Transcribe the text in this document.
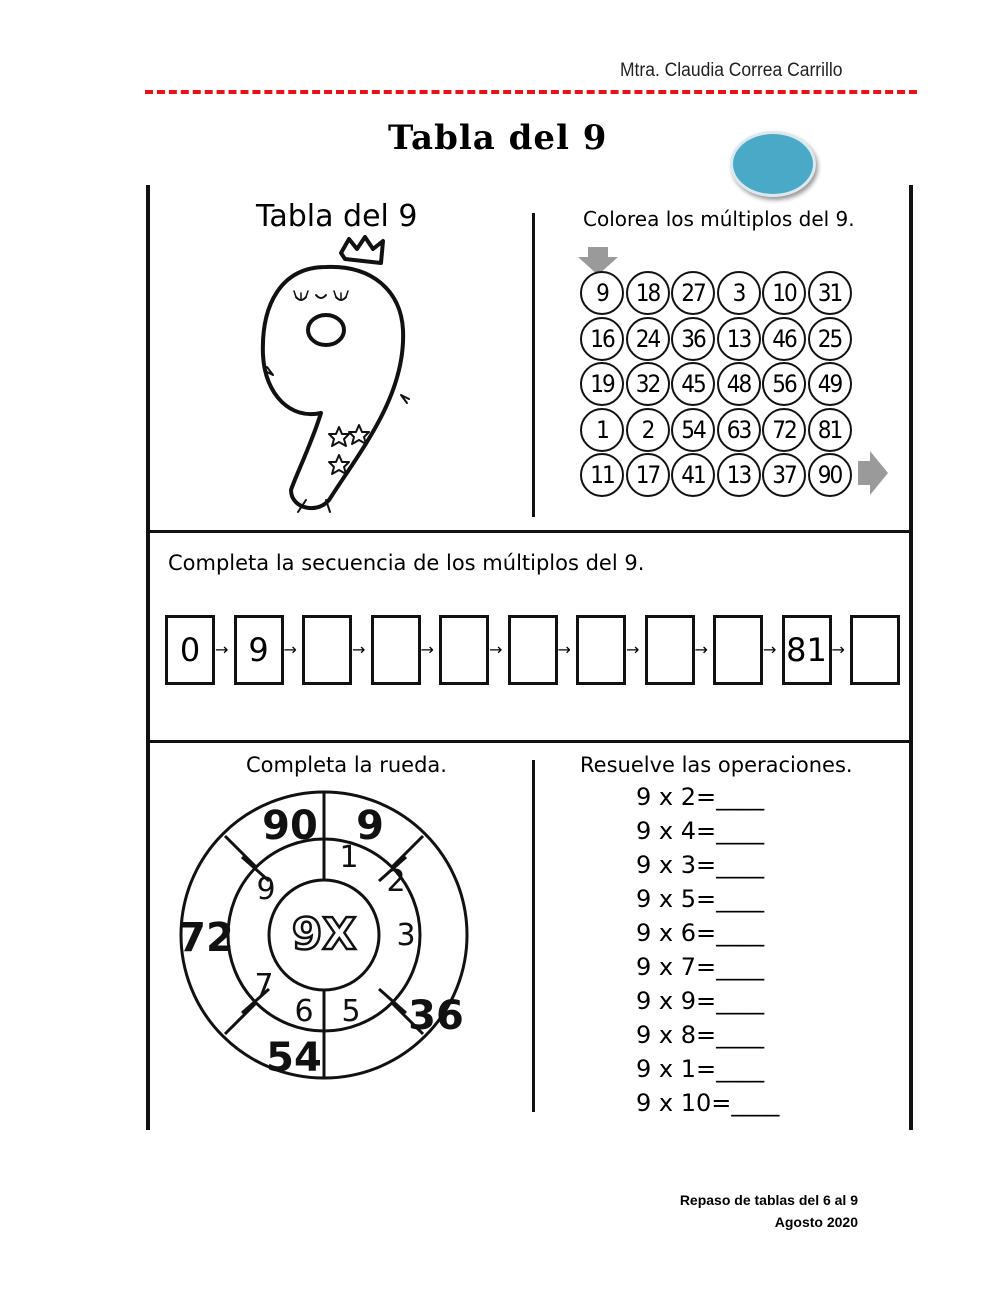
Mtra. Claudia Correa Carrillo
Tabla del 9
Tabla del 9	Colorea los múltiplos del 9.
9	18 27	3	10 31
16 24 36 13 46 25
19 32 45 48 56 49
1	2	54 63 72 81
11 17 41 13 37 90
Completa la secuencia de los múltiplos del 9.
0 → 9 →	→	→	→	→	→	→	→ 81 →
Completa la rueda.
9X
1
2
3
5
6
7
9
90 9
72
36
54
Resuelve las operaciones.
9 x 2=____
9 x 4=____
9 x 3=____
9 x 5=____
9 x 6=____
9 x 7=____
9 x 9=____
9 x 8=____
9 x 1=____
9 x 10=____
Repaso de tablas del 6 al 9
Agosto 2020
